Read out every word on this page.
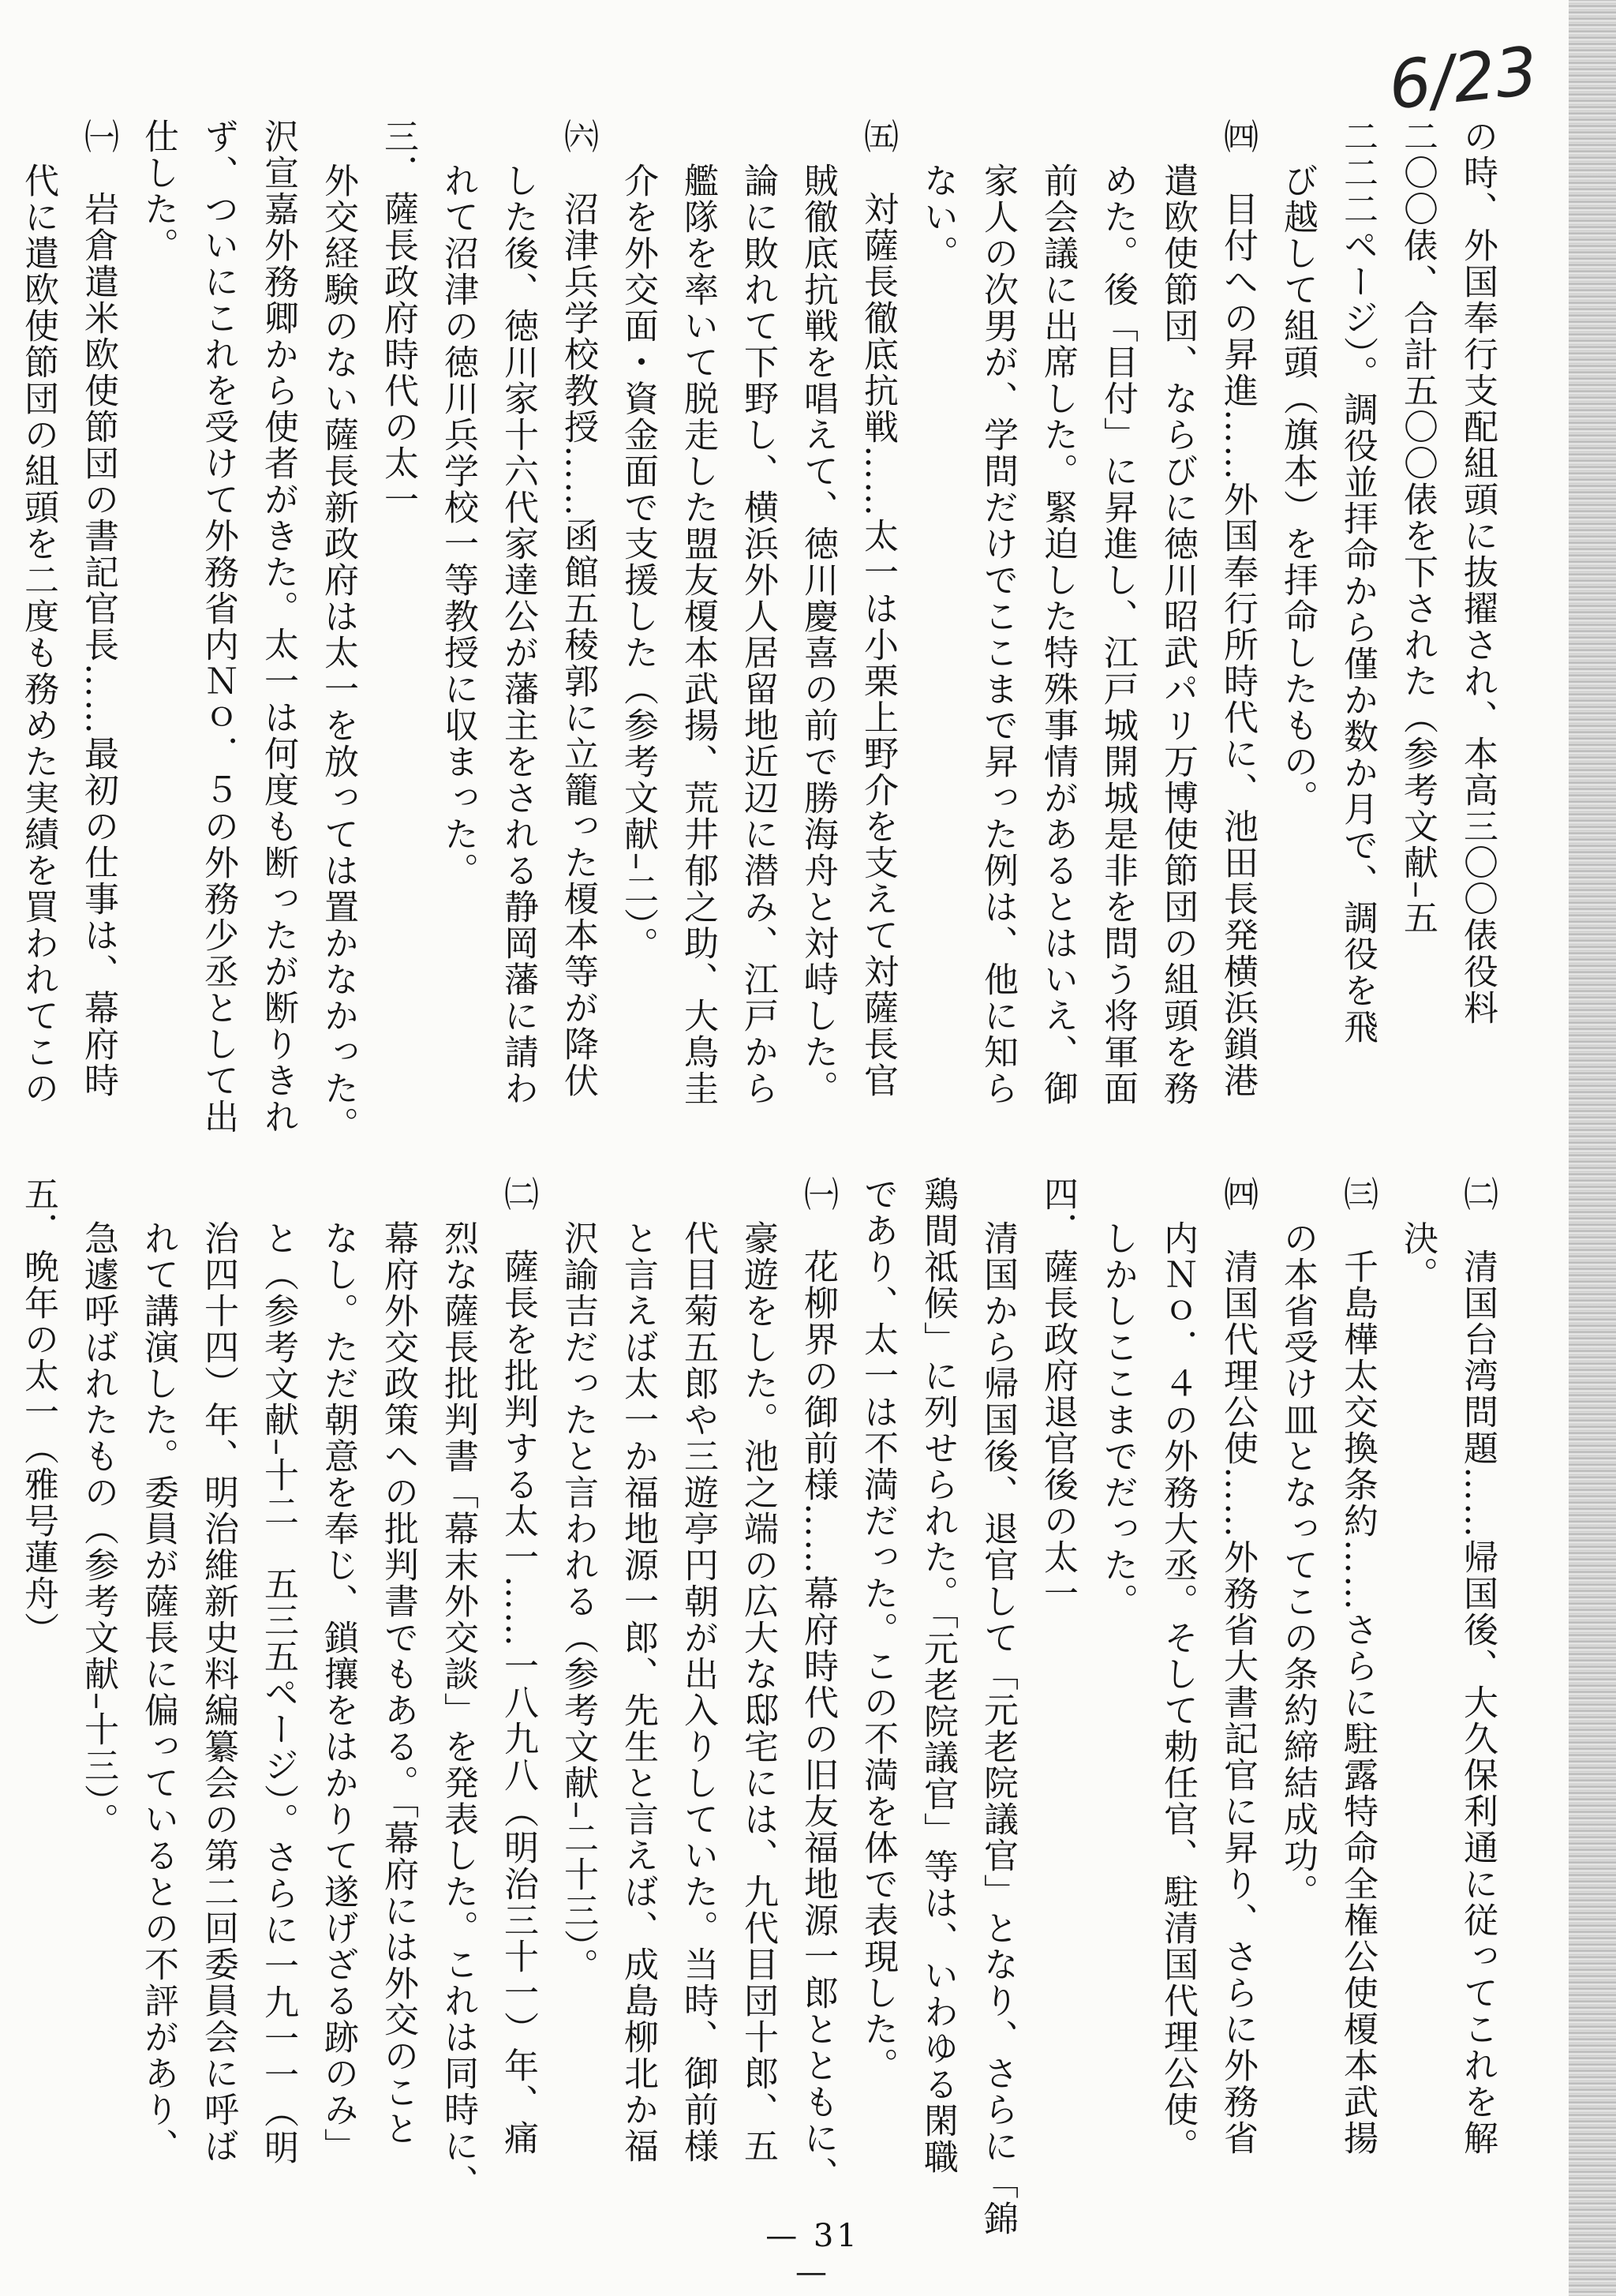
6/23
の時、外国奉行支配組頭に抜擢され、本高三〇〇俵役料
二〇〇俵、合計五〇〇俵を下された（参考文献–五
二二二ページ）。調役並拝命から僅か数か月で、調役を飛
び越して組頭（旗本）を拝命したもの。
㈣　目付への昇進……外国奉行所時代に、池田長発横浜鎖港
遣欧使節団、ならびに徳川昭武パリ万博使節団の組頭を務
めた。後「目付」に昇進し、江戸城開城是非を問う将軍面
前会議に出席した。緊迫した特殊事情があるとはいえ、御
家人の次男が、学問だけでここまで昇った例は、他に知ら
ない。
㈤　対薩長徹底抗戦……太一は小栗上野介を支えて対薩長官
賊徹底抗戦を唱えて、徳川慶喜の前で勝海舟と対峙した。
論に敗れて下野し、横浜外人居留地近辺に潜み、江戸から
艦隊を率いて脱走した盟友榎本武揚、荒井郁之助、大鳥圭
介を外交面・資金面で支援した（参考文献–二）。
㈥　沼津兵学校教授……函館五稜郭に立籠った榎本等が降伏
した後、徳川家十六代家達公が藩主をされる静岡藩に請わ
れて沼津の徳川兵学校一等教授に収まった。
三．薩長政府時代の太一
外交経験のない薩長新政府は太一を放っては置かなかった。
沢宣嘉外務卿から使者がきた。太一は何度も断ったが断りきれ
ず、ついにこれを受けて外務省内Ｎｏ．５の外務少丞として出
仕した。
㈠　岩倉遣米欧使節団の書記官長……最初の仕事は、幕府時
代に遣欧使節団の組頭を二度も務めた実績を買われてこの
㈡　清国台湾問題……帰国後、大久保利通に従ってこれを解
決。
㈢　千島樺太交換条約……さらに駐露特命全権公使榎本武揚
の本省受け皿となってこの条約締結成功。
㈣　清国代理公使……外務省大書記官に昇り、さらに外務省
内Ｎｏ．４の外務大丞。そして勅任官、駐清国代理公使。
しかしここまでだった。
四．薩長政府退官後の太一
清国から帰国後、退官して「元老院議官」となり、さらに「錦
鶏間祗候」に列せられた。「元老院議官」等は、いわゆる閑職
であり、太一は不満だった。この不満を体で表現した。
㈠　花柳界の御前様……幕府時代の旧友福地源一郎とともに、
豪遊をした。池之端の広大な邸宅には、九代目団十郎、五
代目菊五郎や三遊亭円朝が出入りしていた。当時、御前様
と言えば太一か福地源一郎、先生と言えば、成島柳北か福
沢諭吉だったと言われる（参考文献–二十三）。
㈡　薩長を批判する太一……一八九八（明治三十一）年、痛
烈な薩長批判書「幕末外交談」を発表した。これは同時に、
幕府外交政策への批判書でもある。「幕府には外交のこと
なし。ただ朝意を奉じ、鎖攘をはかりて遂げざる跡のみ」
と（参考文献–十二　五三五ページ）。さらに一九一一（明
治四十四）年、明治維新史料編纂会の第二回委員会に呼ば
れて講演した。委員が薩長に偏っているとの不評があり、
急遽呼ばれたもの（参考文献–十三）。
五．晩年の太一（雅号蓮舟）
— 31 —
